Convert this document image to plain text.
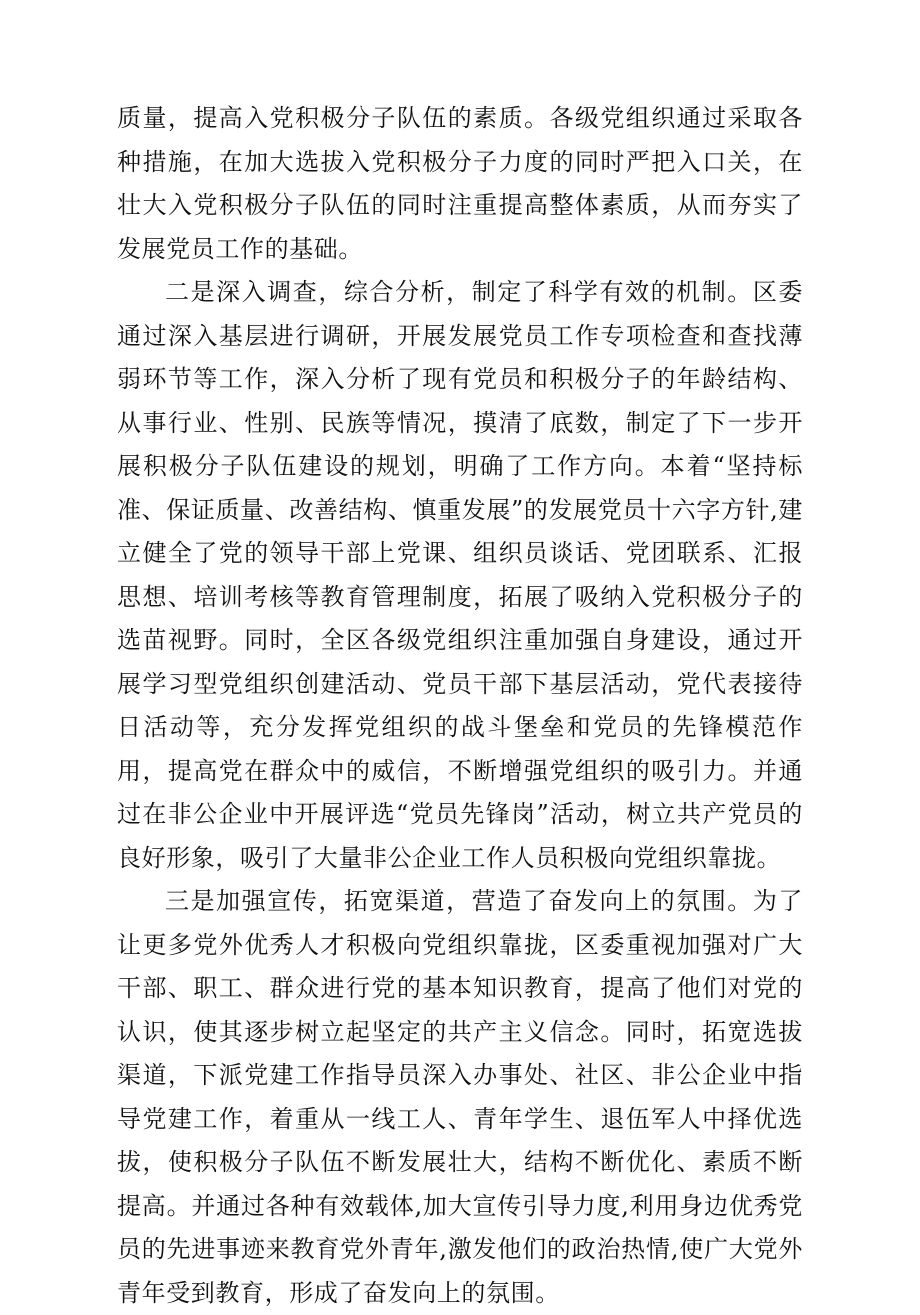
质量，提高入党积极分子队伍的素质。各级党组织通过采取各种措施，在加大选拔入党积极分子力度的同时严把入口关，在壮大入党积极分子队伍的同时注重提高整体素质，从而夯实了发展党员工作的基础。

二是深入调查，综合分析，制定了科学有效的机制。区委通过深入基层进行调研，开展发展党员工作专项检查和查找薄弱环节等工作，深入分析了现有党员和积极分子的年龄结构、从事行业、性别、民族等情况，摸清了底数，制定了下一步开展积极分子队伍建设的规划，明确了工作方向。本着“坚持标准、保证质量、改善结构、慎重发展”的发展党员十六字方针,建立健全了党的领导干部上党课、组织员谈话、党团联系、汇报思想、培训考核等教育管理制度，拓展了吸纳入党积极分子的选苗视野。同时，全区各级党组织注重加强自身建设，通过开展学习型党组织创建活动、党员干部下基层活动，党代表接待日活动等，充分发挥党组织的战斗堡垒和党员的先锋模范作用，提高党在群众中的威信，不断增强党组织的吸引力。并通过在非公企业中开展评选“党员先锋岗”活动，树立共产党员的良好形象，吸引了大量非公企业工作人员积极向党组织靠拢。

三是加强宣传，拓宽渠道，营造了奋发向上的氛围。为了让更多党外优秀人才积极向党组织靠拢，区委重视加强对广大干部、职工、群众进行党的基本知识教育，提高了他们对党的认识，使其逐步树立起坚定的共产主义信念。同时，拓宽选拔渠道，下派党建工作指导员深入办事处、社区、非公企业中指导党建工作，着重从一线工人、青年学生、退伍军人中择优选拔，使积极分子队伍不断发展壮大，结构不断优化、素质不断提高。并通过各种有效载体,加大宣传引导力度,利用身边优秀党员的先进事迹来教育党外青年,激发他们的政治热情,使广大党外青年受到教育，形成了奋发向上的氛围。
